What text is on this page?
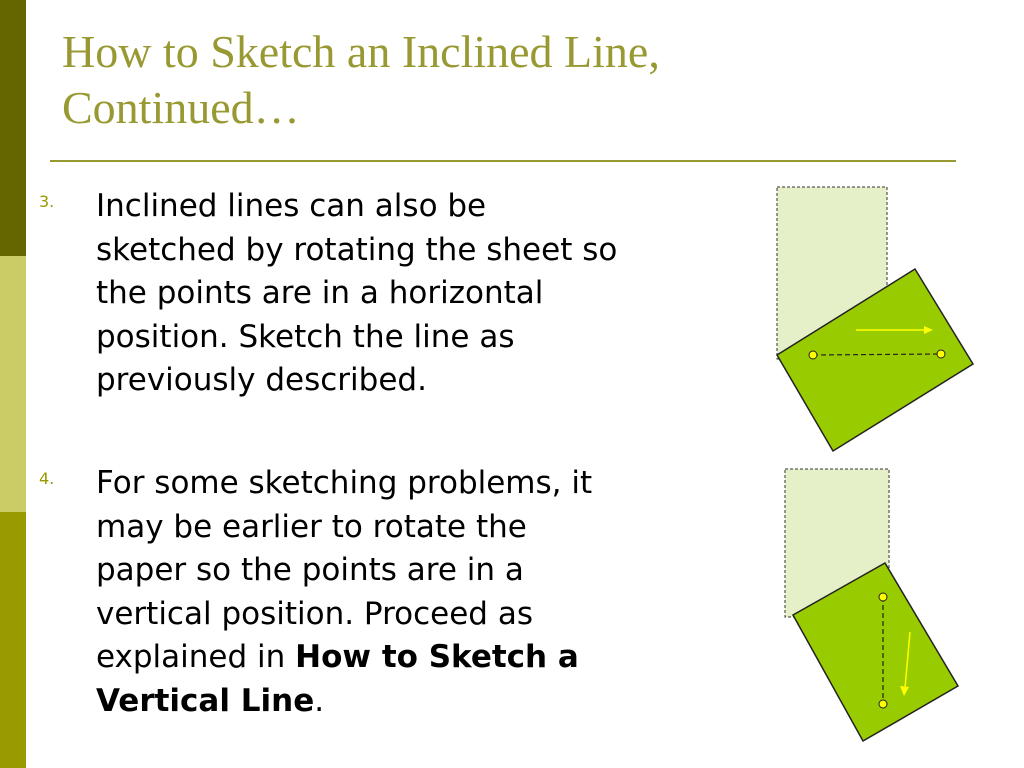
How to Sketch an Inclined Line,
Continued…
3. Inclined lines can also be
sketched by rotating the sheet so
the points are in a horizontal
position. Sketch the line as
previously described.
4. For some sketching problems, it
may be earlier to rotate the
paper so the points are in a
vertical position. Proceed as
explained in How to Sketch a
Vertical Line.
